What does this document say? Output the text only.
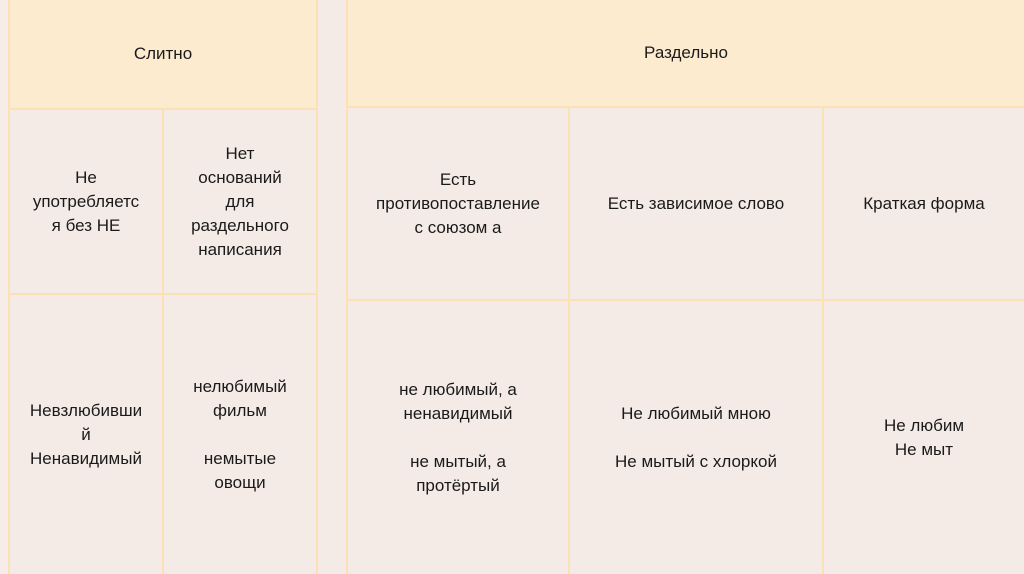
Слитно
Не
употребляетс
я без НЕ
Нет
оснований
для
раздельного
написания
Невзлюбивши
й
Ненавидимый
нелюбимый
фильм

немытые
овощи
Раздельно
Есть
противопоставление
с союзом а
Есть зависимое слово	Краткая форма
не любимый, а
ненавидимый

не мытый, а
протёртый
Не любимый мною

Не мытый с хлоркой
Не любим
Не мыт
